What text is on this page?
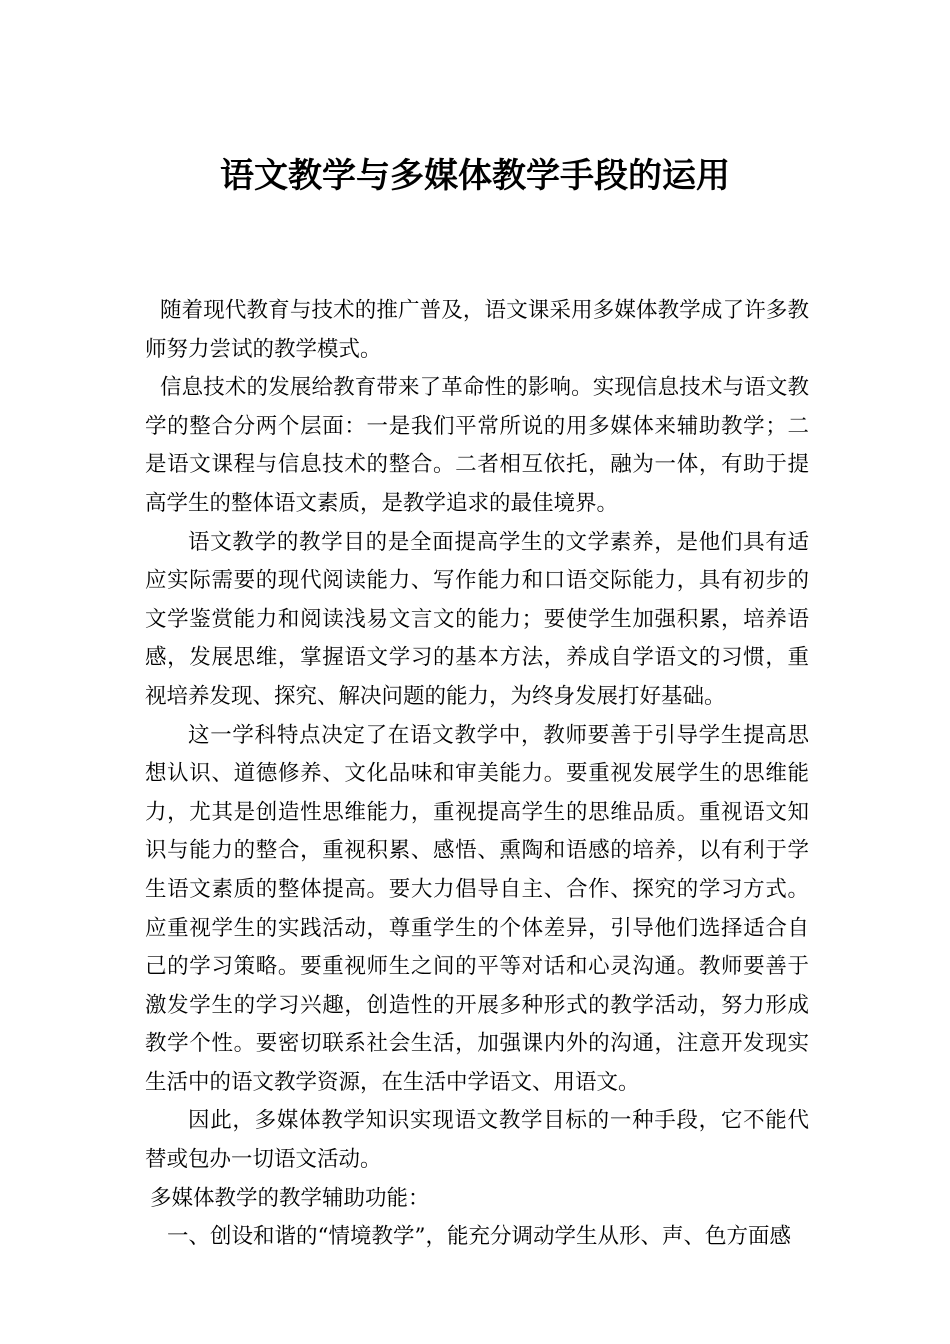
语文教学与多媒体教学手段的运用

随着现代教育与技术的推广普及，语文课采用多媒体教学成了许多教师努力尝试的教学模式。

信息技术的发展给教育带来了革命性的影响。实现信息技术与语文教学的整合分两个层面：一是我们平常所说的用多媒体来辅助教学；二是语文课程与信息技术的整合。二者相互依托，融为一体，有助于提高学生的整体语文素质，是教学追求的最佳境界。

语文教学的教学目的是全面提高学生的文学素养，是他们具有适应实际需要的现代阅读能力、写作能力和口语交际能力，具有初步的文学鉴赏能力和阅读浅易文言文的能力；要使学生加强积累，培养语感，发展思维，掌握语文学习的基本方法，养成自学语文的习惯，重视培养发现、探究、解决问题的能力，为终身发展打好基础。

这一学科特点决定了在语文教学中，教师要善于引导学生提高思想认识、道德修养、文化品味和审美能力。要重视发展学生的思维能力，尤其是创造性思维能力，重视提高学生的思维品质。重视语文知识与能力的整合，重视积累、感悟、熏陶和语感的培养，以有利于学生语文素质的整体提高。要大力倡导自主、合作、探究的学习方式。应重视学生的实践活动，尊重学生的个体差异，引导他们选择适合自己的学习策略。要重视师生之间的平等对话和心灵沟通。教师要善于激发学生的学习兴趣，创造性的开展多种形式的教学活动，努力形成教学个性。要密切联系社会生活，加强课内外的沟通，注意开发现实生活中的语文教学资源，在生活中学语文、用语文。

因此，多媒体教学知识实现语文教学目标的一种手段，它不能代替或包办一切语文活动。

多媒体教学的教学辅助功能：

一、创设和谐的“情境教学”，能充分调动学生从形、声、色方面感
